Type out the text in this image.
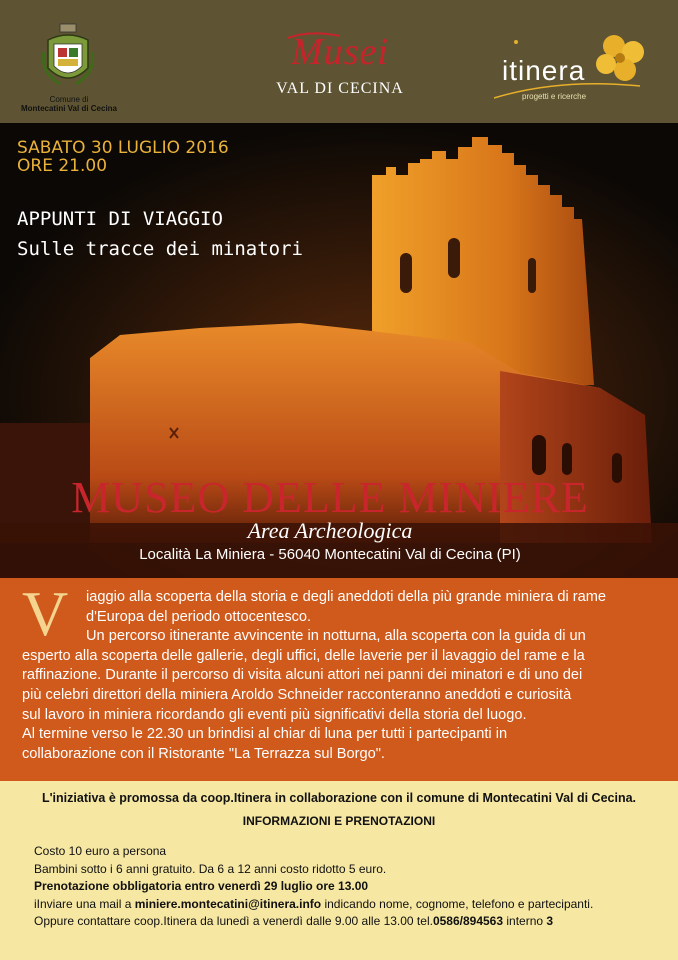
Comune di
Montecatini Val di Cecina
Musei
VAL DI CECINA
itinera
progetti e ricerche
SABATO 30 LUGLIO 2016
ORE 21.00
APPUNTI DI VIAGGIO
Sulle tracce dei minatori
MUSEO DELLE MINIERE
Area Archeologica
Località La Miniera - 56040 Montecatini Val di Cecina (PI)
V iaggio alla scoperta della storia e degli aneddoti della più grande miniera di rame
d'Europa del periodo ottocentesco.
Un percorso itinerante avvincente in notturna, alla scoperta con la guida di un
esperto alla scoperta delle gallerie, degli uffici, delle laverie per il lavaggio del rame e la
raffinazione. Durante il percorso di visita alcuni attori nei panni dei minatori e di uno dei
più celebri direttori della miniera Aroldo Schneider racconteranno aneddoti e curiosità
sul lavoro in miniera ricordando gli eventi più significativi della storia del luogo.
Al termine verso le 22.30 un brindisi al chiar di luna per tutti i partecipanti in
collaborazione con il Ristorante "La Terrazza sul Borgo".
L'iniziativa è promossa da coop.Itinera in collaborazione con il comune di Montecatini Val di Cecina.
INFORMAZIONI E PRENOTAZIONI
Costo 10 euro a persona
Bambini sotto i 6 anni gratuito. Da 6 a 12 anni costo ridotto 5 euro.
Prenotazione obbligatoria entro venerdì 29 luglio ore 13.00
iInviare una mail a miniere.montecatini@itinera.info indicando nome, cognome, telefono e partecipanti.
Oppure contattare coop.Itinera da lunedì a venerdì dalle 9.00 alle 13.00 tel.0586/894563 interno 3
